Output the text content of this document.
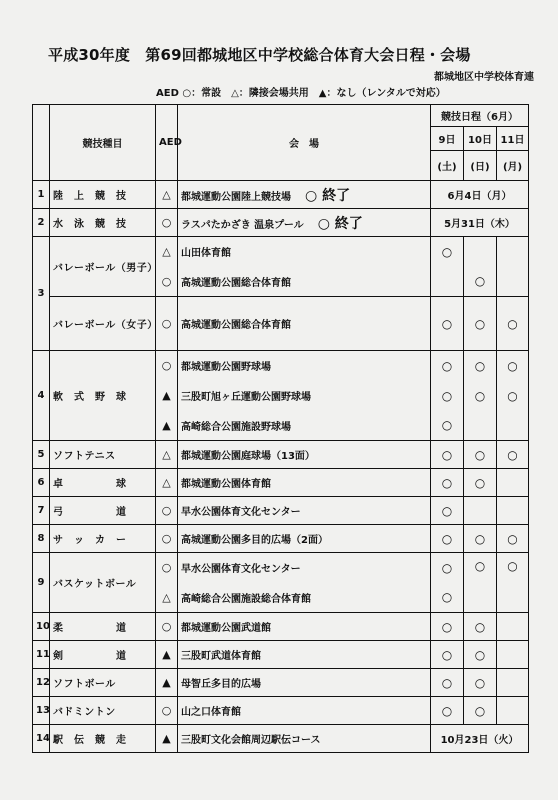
平成30年度　第69回都城地区中学校総合体育大会日程・会場
都城地区中学校体育連
AED ○：常設　△：隣接会場共用　▲：なし（レンタルで対応）
	競技種目	AED	会　場	競技日程（6月）		
				9日	10日	11日
				(土)	(日)	(月)
1	陸　上　競　技	△	都城運動公園陸上競技場 ○ 終了	6月4日（月）		
2	水　泳　競　技	○	ラスパたかざき 温泉プール ○ 終了	5月31日（木）		
3	バレーボール（男子）	△	山田体育館	○		
		○	高城運動公園総合体育館		○	
	バレーボール（女子）	○	高城運動公園総合体育館	○	○	○
4	軟　式　野　球	○	都城運動公園野球場	○	○	○
		▲	三股町旭ヶ丘運動公園野球場	○	○	○
		▲	高崎総合公園施設野球場	○		
5	ソフトテニス	△	都城運動公園庭球場（13面）	○	○	○
6	卓　　　　　球	△	都城運動公園体育館	○	○	
7	弓　　　　　道	○	早水公園体育文化センター	○		
8	サ　ッ　カ　ー	○	高城運動公園多目的広場（2面）	○	○	○
9	バスケットボール	○	早水公園体育文化センター	○	○	○
		△	高崎総合公園施設総合体育館	○		
10	柔　　　　　道	○	都城運動公園武道館	○	○	
11	剣　　　　　道	▲	三股町武道体育館	○	○	
12	ソフトボール	▲	母智丘多目的広場	○	○	
13	バドミントン	○	山之口体育館	○	○	
14	駅　伝　競　走	▲	三股町文化会館周辺駅伝コース	10月23日（火）		
